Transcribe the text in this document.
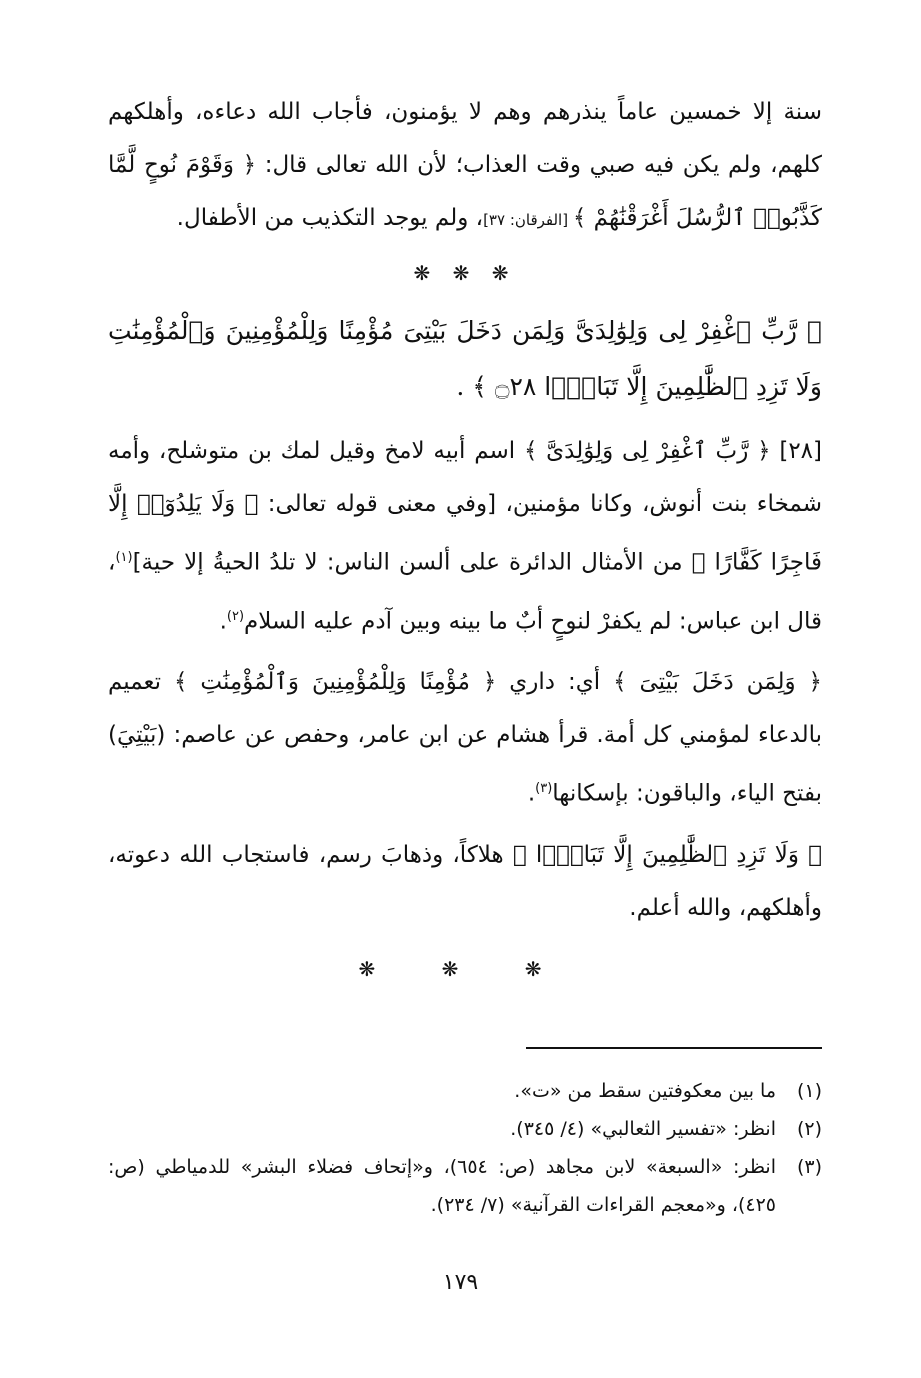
سنة إلا خمسين عاماً ينذرهم وهم لا يؤمنون، فأجاب الله دعاءه، وأهلكهم كلهم، ولم يكن فيه صبي وقت العذاب؛ لأن الله تعالى قال: ﴿ وَقَوْمَ نُوحٍ لَّمَّا كَذَّبُوا۟ ٱلرُّسُلَ أَغْرَقْنَٰهُمْ ﴾ [الفرقان: ٣٧]، ولم يوجد التكذيب من الأطفال.

❋ ❋ ❋

﴿ رَّبِّ ٱغْفِرْ لِى وَلِوَٰلِدَىَّ وَلِمَن دَخَلَ بَيْتِىَ مُؤْمِنًا وَلِلْمُؤْمِنِينَ وَٱلْمُؤْمِنَٰتِ وَلَا تَزِدِ ٱلظَّٰلِمِينَ إِلَّا تَبَارًۢا ۝٢٨ ﴾ .

[٢٨] ﴿ رَّبِّ ٱغْفِرْ لِى وَلِوَٰلِدَىَّ ﴾ اسم أبيه لامخ وقيل لمك بن متوشلح، وأمه شمخاء بنت أنوش، وكانا مؤمنين، [وفي معنى قوله تعالى: ﴿ وَلَا يَلِدُوٓا۟ إِلَّا فَاجِرًا كَفَّارًا ﴾ من الأمثال الدائرة على ألسن الناس: لا تلدُ الحيةُ إلا حية]$^{(١)}$، قال ابن عباس: لم يكفرْ لنوحٍ أبٌ ما بينه وبين آدم عليه السلام$^{(٢)}$.

﴿ وَلِمَن دَخَلَ بَيْتِىَ ﴾ أي: داري ﴿ مُؤْمِنًا وَلِلْمُؤْمِنِينَ وَٱلْمُؤْمِنَٰتِ ﴾ تعميم بالدعاء لمؤمني كل أمة. قرأ هشام عن ابن عامر، وحفص عن عاصم: (بَيْتِيَ) بفتح الياء، والباقون: بإسكانها$^{(٣)}$.

﴿ وَلَا تَزِدِ ٱلظَّٰلِمِينَ إِلَّا تَبَارًۢا ﴾ هلاكاً، وذهابَ رسم، فاستجاب الله دعوته، وأهلكهم، والله أعلم.

❋ ❋ ❋
(١)
ما بين معكوفتين سقط من «ت».
(٢)
انظر: «تفسير الثعالبي» (٤/ ٣٤٥).
(٣)
انظر: «السبعة» لابن مجاهد (ص: ٦٥٤)، و«إتحاف فضلاء البشر» للدمياطي (ص: ٤٢٥)، و«معجم القراءات القرآنية» (٧/ ٢٣٤).
١٧٩
